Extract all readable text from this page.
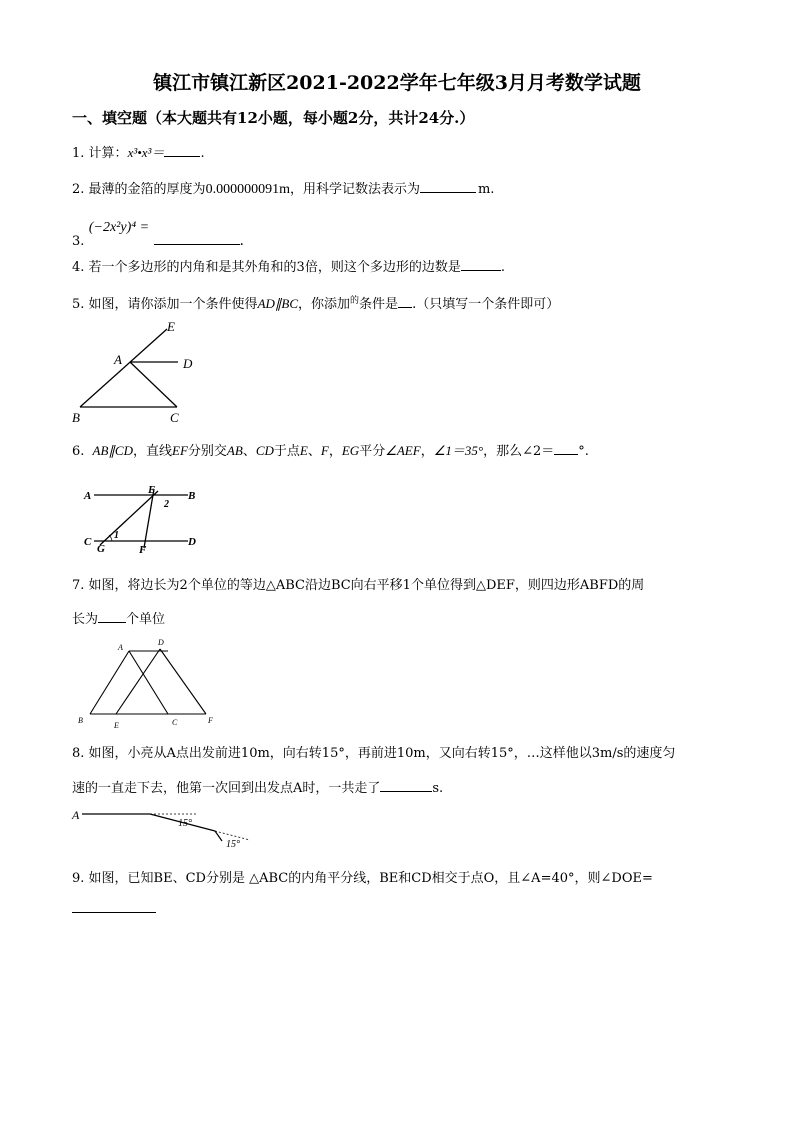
镇江市镇江新区2021-2022学年七年级3月月考数学试题
一、填空题（本大题共有12小题，每小题2分，共计24分.）
1. 计算：x³•x³＝	.
2. 最薄的金箔的厚度为0.000000091m，用科学记数法表示为	m.
3. (−2x²y)⁴ = .
4. 若一个多边形的内角和是其外角和的3倍，则这个多边形的边数是	.
5. 如图，请你添加一个条件使得AD∥BC，你添加$^的$条件是 .（只填写一个条件即可）
E
A	D
B	C
6. AB∥CD，直线EF分别交AB、CD于点E、F，EG平分∠AEF，∠1＝35°，那么∠2＝ °.
A	E	B
2
C
1
G	F
D
7. 如图，将边长为2个单位的等边△ABC沿边BC向右平移1个单位得到△DEF，则四边形ABFD的周
长为 个单位
A
D
B
E	C	F
8. 如图，小亮从A点出发前进10m，向右转15°，再前进10m，又向右转15°，…这样他以3m/s的速度匀
速的一直走下去，他第一次回到出发点A时，一共走了	s.
A
15°
15°
9. 如图，已知BE、CD分别是 △ABC的内角平分线，BE和CD相交于点O，且∠A=40°，则∠DOE=
